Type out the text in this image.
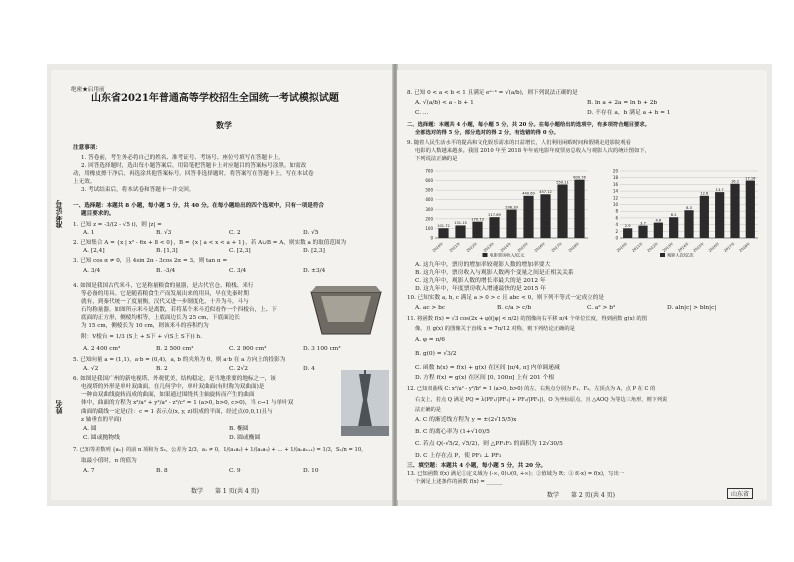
绝密★启用前
山东省2021年普通高等学校招生全国统一考试模拟试题
数学
注意事项：
1. 答卷前，考生务必将自己的姓名、准考证号、考场号、座位号填写在答题卡上。
2. 回答选择题时，选出每小题答案后，用铅笔把答题卡上对应题目的答案标号涂黑。如需改
动，用橡皮擦干净后，再选涂其他答案标号。回答非选择题时，将答案写在答题卡上，写在本试卷
上无效。
3. 考试结束后，将本试卷和答题卡一并交回。
准考证号
姓名
一、选择题：本题共 8 小题，每小题 5 分，共 40 分。在每小题给出的四个选项中，只有一项是符合
题目要求的。
1. 已知 z = -3/(2 - √5 i)，则 |z| =
A. 1	B. √3	C. 2	D. √5
2. 已知集合 A = {x | x² - 6x + 8 < 0}，B = {x | a < x < a + 1}，若 A∪B = A，则实数 a 的取值范围为
A. [2,4]	B. [1,3]	C. [2,3]	D. [2,3]
3. 已知 cos α ≠ 0，且 4sin 2α - 3cos 2α = 3，则 tan α =
A. 3/4	B. -3/4	C. 3/4	D. ±3/4
4. 如图是我国古代米斗，它是称量粮食的量器，是古代官仓、粮栈、米行
等必备的用具。它是随着粮食生产而发展出来的用具，早在先秦时期
就有，到秦代统一了度量衡，汉代又进一步制度化，十升为斗，斗与
石均称量器。如图所示米斗是离散，若将某个米斗近似看作一个四棱台，上、下
底面的正方形，侧棱均相等，上底面边长为 25 cm，下底面边长
为 15 cm，侧棱长为 10 cm，则该米斗的容积约为
附：V棱台 = 1/3 (S上 + S下 + √(S上 S下)) h.
A. 2 400 cm³	B. 2 500 cm³	C. 2 900 cm³	D. 3 100 cm³
5. 已知向量 a = (1,1)，a·b = (0,4)，a, b 的夹角为 θ，则 a·b 在 a 方向上的投影为
A. √2	B. 2	C. 2√2	D. 4
6. 如图是我国广州的新电视塔，外观优美，结构稳定，是当地重要的地标之一，该
电视塔的外形是单叶双曲面，在几何学中，单叶双曲面(有时称为双曲面)是
一种由双曲线旋转而成的曲面，如果通过围绕其主轴旋转而产生的曲面
体中，曲面的方程为 x²/a² + y²/a² - z²/c² = 1 (a>0, b>0, c>0)，当 c→1 与单叶双
曲面的截线一定是(注：c = 1 表示点(x, y, z)组成的平面，经过点(0,0,1)且与
z 轴垂直的平面)
A. 圆	B. 椭圆
C. 圆或抛物线	D. 圆或椭圆
7. 已知等差数列 {aₙ} 的前 n 项和为 Sₙ，公差为 2/3，a₁ ≠ 0，1/(a₁a₂) + 1/(a₂a₃) + … + 1/(aₙaₙ₊₁) = 1/3，Sₙ/n = 10，
取最小值时，n 的值为
A. 7	B. 8	C. 9	D. 10
数学　　第 1 页(共 4 页)
8. 已知 0 < a < b < 1 且满足 eᵃ⁻ᵇ = √(a/b)，则下列说法正确的是
A. √(a/b) < a - b + 1	B. ln a + 2a = ln b + 2b
C. ...	D. 不存在 a，b 满足 a + b = 1
二、选择题：本题共 4 小题，每小题 5 分，共 20 分。在每小题给出的选项中，有多项符合题目要求。
全部选对的得 5 分，部分选对的得 2 分，有选错的得 0 分。
9. 随着人民生活水平的提高和文化娱乐需求的日益增长，人们利用闲暇时间和假期走进影院观看
电影的人数越来越多。我国 2010 年至 2018 年年底电影年度票房总收入与观影人次的统计图如下，
下列说法正确的是
0
100
200
300
400
500
600
700
101.72
131.15
170.73
217.69
296.39
440.69 457.12
559.11
609.76
2010年 2011年 2012年 2013年 2014年 2015年 2016年 2017年 2018年
电影票房收入/亿元
0
2
4
6
8
10
12
14
16
18
20
2.9
3.7
4.6
6.2
8.3
12.6
13.7
16.2
17.16
2010年 2011年 2012年 2013年 2014年 2015年 2016年 2017年 2018年
观影人次/亿次
A. 这九年中，票房的增加率较观影人数的增加率要大
B. 这九年中，票房收入与观影人数两个变量之间是正相关关系
C. 这九年中，观影人数的增长率最大的是 2012 年
D. 这九年中，年度票房收入增速最快的是 2015 年
10. 已知实数 a, b, c 满足 a > 0 > c 且 abc < 0，则下列不等式一定成立的是
A. ac > bc	B. c/a > c/b	C. a² > b²	D. aln|c| > bln|c|
11. 将函数 f(x) = √3 cos(2x + φ)(|φ| < π/2) 的图像向右平移 π/4 个单位长度，得到函数 g(x) 的图
像，且 g(x) 的图像关于直线 x = 7π/12 对称，则下列结论正确的是
A. φ = π/6
B. g(0) = √3/2
C. 函数 h(x) = f(x) + g(x) 在区间 [π/4, π] 内单调递减
D. 方程 f(x) = g(x) 在区间 [0, 100π] 上有 201 个根
12. 已知双曲线 C: x²/a² - y²/b² = 1 (a>0, b>0) 的左、右焦点分别为 F₁、F₂，左顶点为 A，点 P 在 C 的
右支上，若点 Q 满足 PQ = λ(PF₁/|PF₁| + PF₂/|PF₂|)，O 为坐标原点，且 △AOQ 为等边三角形，则下列说
法正确的是
A. C 的渐近线方程为 y = ±(2√15/5)x
B. C 的离心率为 (1+√10)/5
C. 若点 Q(-√5/2, √5/2)，则 △PF₁F₂ 的面积为 12√30/5
D. C 上存在点 P，使 PF₁ ⊥ PF₂
三、填空题：本题共 4 小题，每小题 5 分，共 20 分。
13. 已知函数 f(x) 满足①定义域为 (-∞, 0)∪(0, +∞)；②值域为 R；③ f(-x) = f(x)，写出一
个满足上述条件的函数 f(x) = ______
数学　　第 2 页(共 4 页)	山东省
